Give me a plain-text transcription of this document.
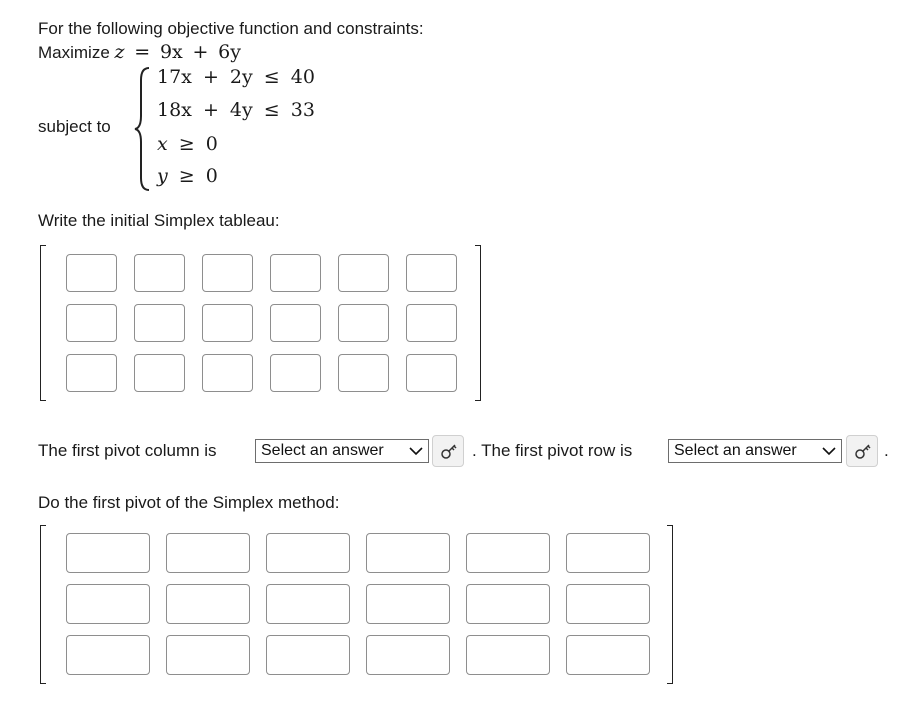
For the following objective function and constraints:
Maximize z = 9x + 6y
subject to
17x + 2y ≤ 40
18x + 4y ≤ 33
x ≥ 0
y ≥ 0
Write the initial Simplex tableau:
The first pivot column is	Select an answer	. The first pivot row is	Select an answer	.
Do the first pivot of the Simplex method:
